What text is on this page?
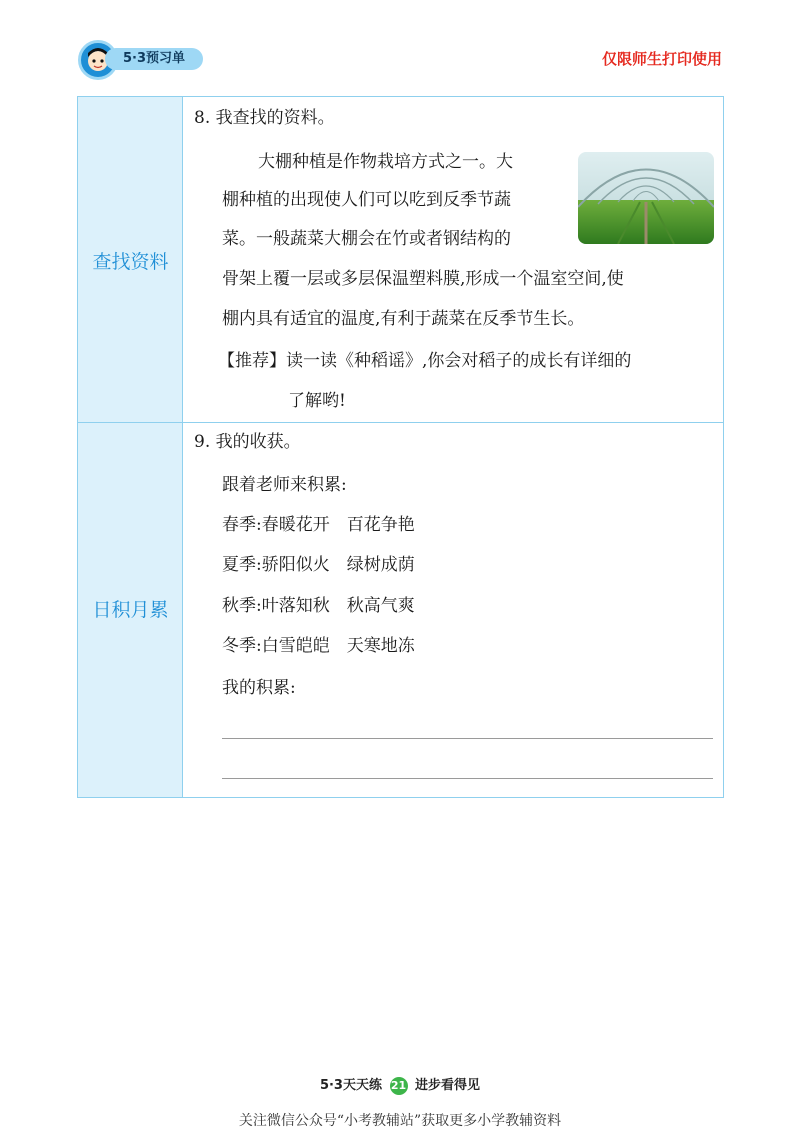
5·3预习单	仅限师生打印使用
查找资料
日积月累
8. 我查找的资料。
大棚种植是作物栽培方式之一。大
棚种植的出现使人们可以吃到反季节蔬
菜。一般蔬菜大棚会在竹或者钢结构的
骨架上覆一层或多层保温塑料膜,形成一个温室空间,使
棚内具有适宜的温度,有利于蔬菜在反季节生长。
【推荐】读一读《种稻谣》,你会对稻子的成长有详细的
了解哟!
9. 我的收获。
跟着老师来积累:
春季:春暖花开　百花争艳
夏季:骄阳似火　绿树成荫
秋季:叶落知秋　秋高气爽
冬季:白雪皑皑　天寒地冻
我的积累:
5·3天天练 21 进步看得见
关注微信公众号“小考教辅站”获取更多小学教辅资料
